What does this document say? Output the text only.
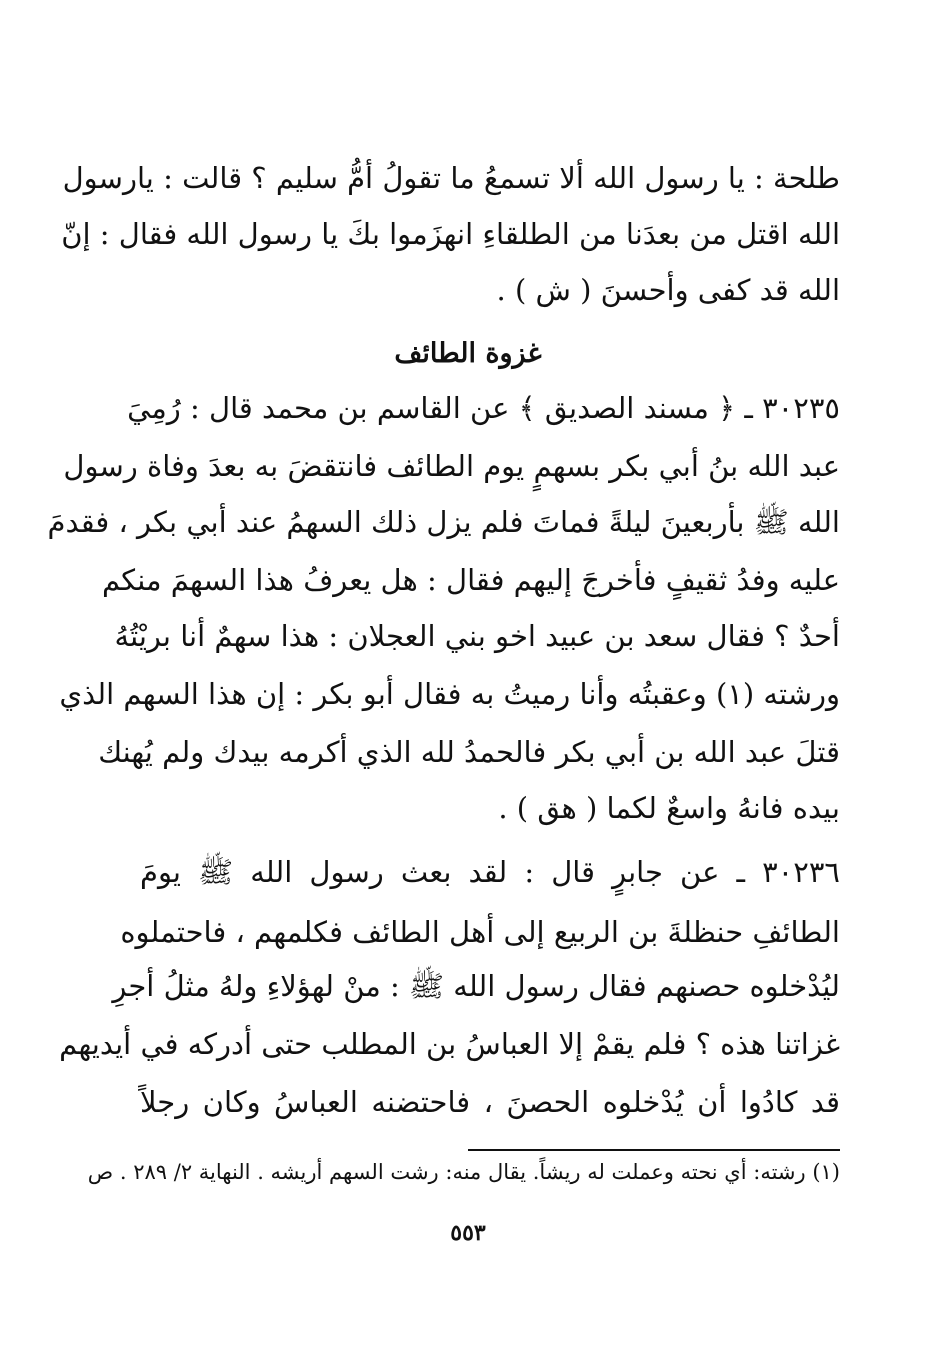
طلحة : يا رسول الله ألا تسمعُ ما تقولُ أمُّ سليم ؟ قالت : يارسول
الله اقتل من بعدَنا من الطلقاءِ انهزَموا بكَ يا رسول الله فقال : إنّ
الله قد كفى وأحسنَ ( ش ) .
غزوة الطائف
٣٠٢٣٥ ـ ﴿ مسند الصديق ﴾ عن القاسم بن محمد قال : رُمِيَ
عبد الله بنُ أبي بكر بسهمٍ يوم الطائف فانتقضَ به بعدَ وفاة رسول
الله ﷺ بأربعينَ ليلةً فماتَ فلم يزل ذلك السهمُ عند أبي بكر ، فقدمَ
عليه وفدُ ثقيفٍ فأخرجَ إليهم فقال : هل يعرفُ هذا السهمَ منكم
أحدٌ ؟ فقال سعد بن عبيد اخو بني العجلان : هذا سهمٌ أنا بريْتُهُ
ورشته (١) وعقبتُه وأنا رميتُ به فقال أبو بكر : إن هذا السهم الذي
قتلَ عبد الله بن أبي بكر فالحمدُ لله الذي أكرمه بيدك ولم يُهنك
بيده فانهُ واسعٌ لكما ( هق ) .
٣٠٢٣٦ ـ عن جابرٍ قال : لقد بعث رسول الله ﷺ يومَ
الطائفِ حنظلةَ بن الربيع إلى أهل الطائف فكلمهم ، فاحتملوه
ليُدْخلوه حصنهم فقال رسول الله ﷺ : منْ لهؤلاءِ ولهُ مثلُ أجرِ
غزاتنا هذه ؟ فلم يقمْ إلا العباسُ بن المطلب حتى أدركه في أيديهم
قد كادُوا أن يُدْخلوه الحصنَ ، فاحتضنه العباسُ وكان رجلاً
(١) رشته: أي نحته وعملت له ريشاً. يقال منه: رشت السهم أريشه . النهاية ٢/ ٢٨٩ . ص
٥٥٣
